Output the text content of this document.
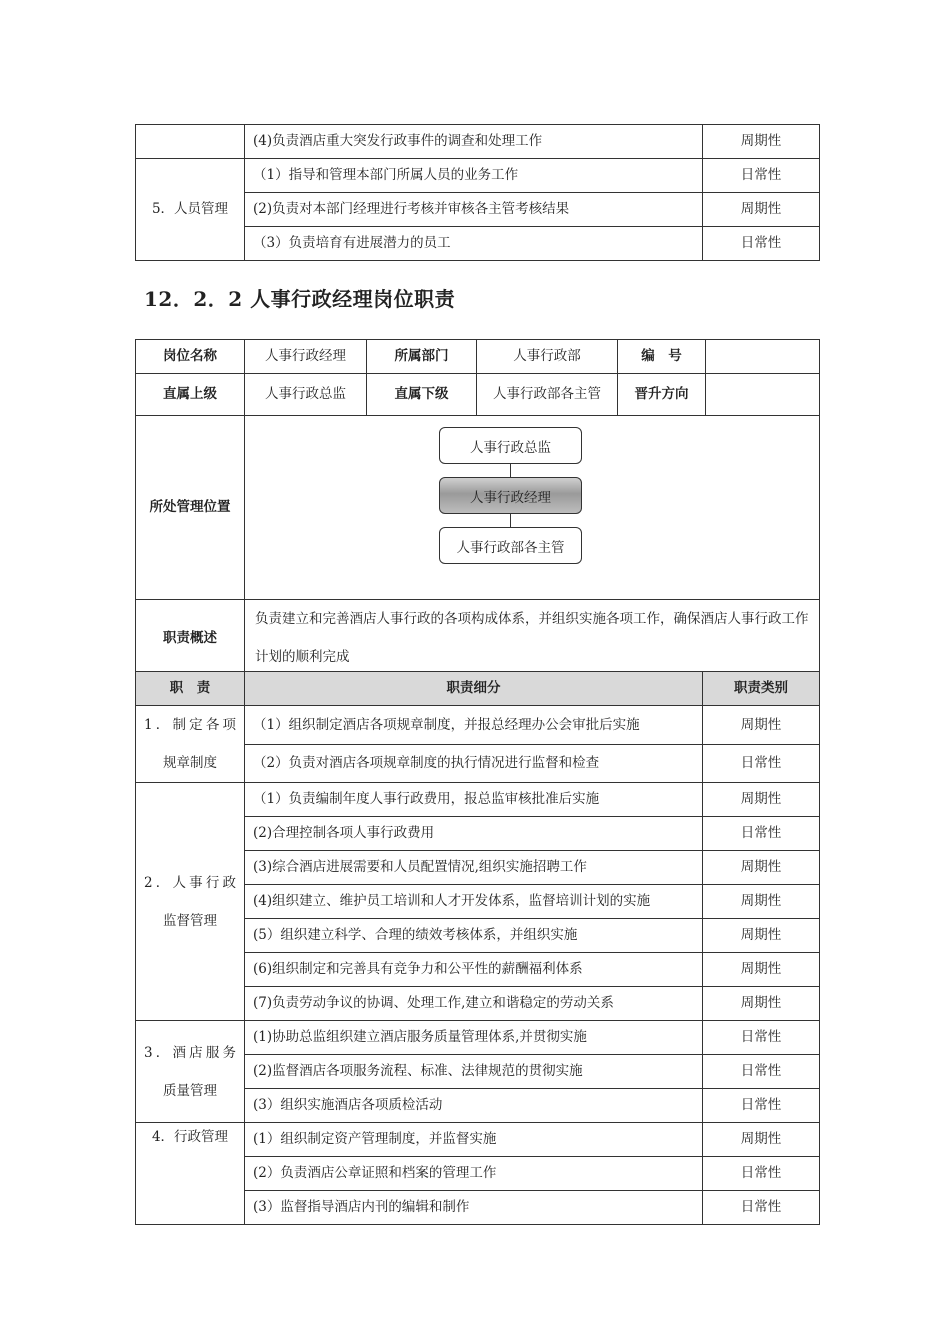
	(4)负责酒店重大突发行政事件的调查和处理工作	周期性
5．人员管理	（1）指导和管理本部门所属人员的业务工作	日常性
	(2)负责对本部门经理进行考核并审核各主管考核结果	周期性
	（3）负责培育有进展潜力的员工	日常性
12．2．2 人事行政经理岗位职责
岗位名称	人事行政经理	所属部门	人事行政部	编　号	
直属上级	人事行政总监	直属下级	人事行政部各主管	晋升方向	
所处管理位置					
职责概述	负责建立和完善酒店人事行政的各项构成体系，并组织实施各项工作，确保酒店人事行政工作计划的顺利完成				
人事行政总监
人事行政经理
人事行政部各主管
职　责	职责细分	职责类别

1．制定各项
规章制度	（1）组织制定酒店各项规章制度，并报总经理办公会审批后实施	周期性
	（2）负责对酒店各项规章制度的执行情况进行监督和检查	日常性

2．人事行政
监督管理	（1）负责编制年度人事行政费用，报总监审核批准后实施	周期性
	(2)合理控制各项人事行政费用	日常性
	(3)综合酒店进展需要和人员配置情况,组织实施招聘工作	周期性
	(4)组织建立、维护员工培训和人才开发体系，监督培训计划的实施	周期性
	(5）组织建立科学、合理的绩效考核体系，并组织实施	周期性
	(6)组织制定和完善具有竞争力和公平性的薪酬福利体系	周期性
	(7)负责劳动争议的协调、处理工作,建立和谐稳定的劳动关系	周期性

3．酒店服务
质量管理	(1)协助总监组织建立酒店服务质量管理体系,并贯彻实施	日常性
	(2)监督酒店各项服务流程、标准、法律规范的贯彻实施	日常性
	(3）组织实施酒店各项质检活动	日常性

4．行政管理	(1）组织制定资产管理制度，并监督实施	周期性
	(2）负责酒店公章证照和档案的管理工作	日常性
	(3）监督指导酒店内刊的编辑和制作	日常性
